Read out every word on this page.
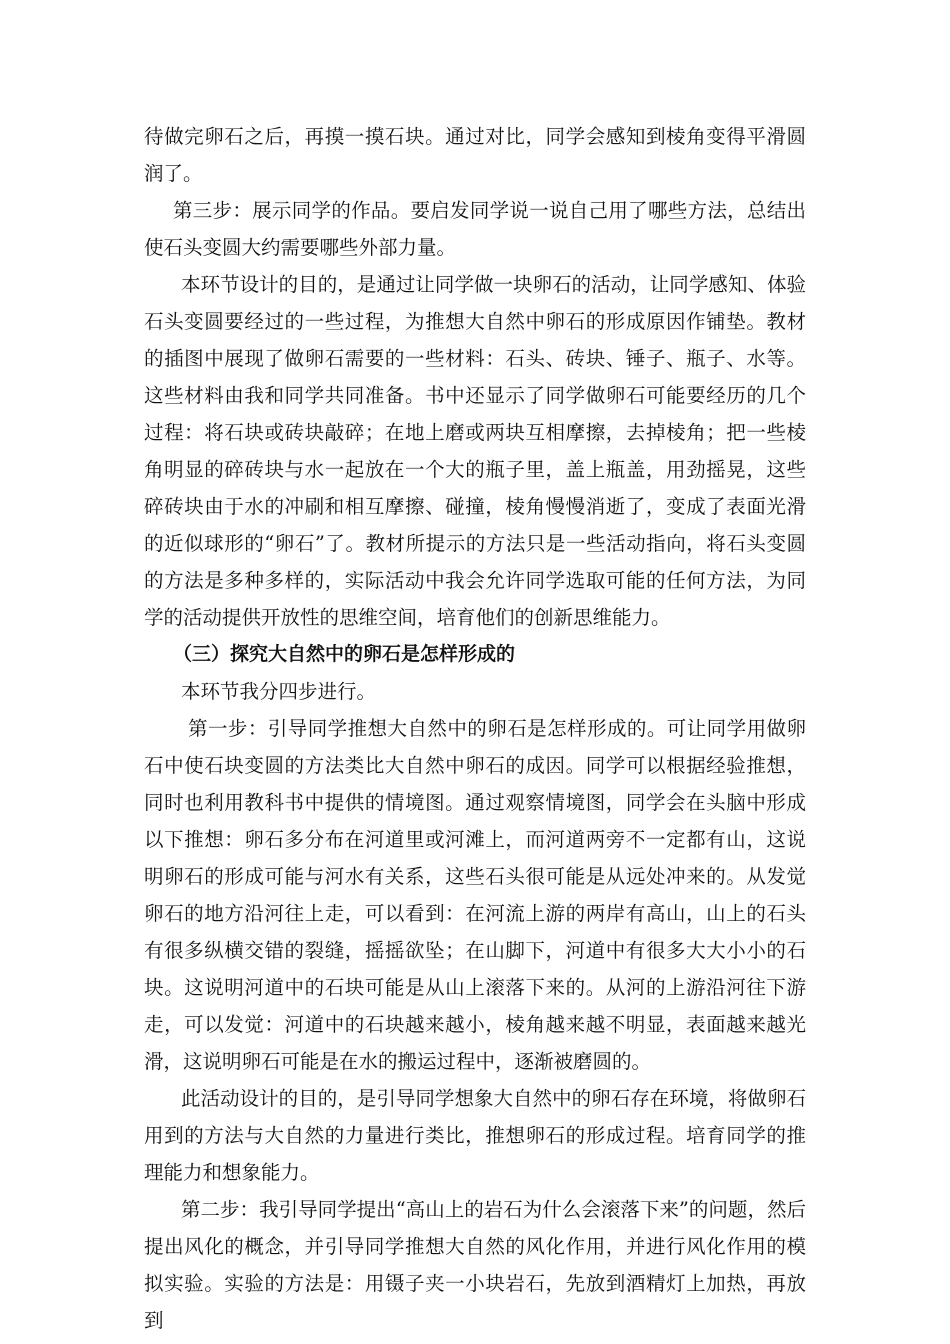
待做完卵石之后，再摸一摸石块。通过对比，同学会感知到棱角变得平滑圆润了。

第三步：展示同学的作品。要启发同学说一说自己用了哪些方法，总结出使石头变圆大约需要哪些外部力量。

本环节设计的目的，是通过让同学做一块卵石的活动，让同学感知、体验石头变圆要经过的一些过程，为推想大自然中卵石的形成原因作铺垫。教材的插图中展现了做卵石需要的一些材料：石头、砖块、锤子、瓶子、水等。这些材料由我和同学共同准备。书中还显示了同学做卵石可能要经历的几个过程：将石块或砖块敲碎；在地上磨或两块互相摩擦，去掉棱角；把一些棱角明显的碎砖块与水一起放在一个大的瓶子里，盖上瓶盖，用劲摇晃，这些碎砖块由于水的冲刷和相互摩擦、碰撞，棱角慢慢消逝了，变成了表面光滑的近似球形的“卵石”了。教材所提示的方法只是一些活动指向，将石头变圆的方法是多种多样的，实际活动中我会允许同学选取可能的任何方法，为同学的活动提供开放性的思维空间，培育他们的创新思维能力。

（三）探究大自然中的卵石是怎样形成的

本环节我分四步进行。

第一步：引导同学推想大自然中的卵石是怎样形成的。可让同学用做卵石中使石块变圆的方法类比大自然中卵石的成因。同学可以根据经验推想，同时也利用教科书中提供的情境图。通过观察情境图，同学会在头脑中形成以下推想：卵石多分布在河道里或河滩上，而河道两旁不一定都有山，这说明卵石的形成可能与河水有关系，这些石头很可能是从远处冲来的。从发觉卵石的地方沿河往上走，可以看到：在河流上游的两岸有高山，山上的石头有很多纵横交错的裂缝，摇摇欲坠；在山脚下，河道中有很多大大小小的石块。这说明河道中的石块可能是从山上滚落下来的。从河的上游沿河往下游走，可以发觉：河道中的石块越来越小，棱角越来越不明显，表面越来越光滑，这说明卵石可能是在水的搬运过程中，逐渐被磨圆的。

此活动设计的目的，是引导同学想象大自然中的卵石存在环境，将做卵石用到的方法与大自然的力量进行类比，推想卵石的形成过程。培育同学的推理能力和想象能力。

第二步：我引导同学提出“高山上的岩石为什么会滚落下来”的问题，然后提出风化的概念，并引导同学推想大自然的风化作用，并进行风化作用的模拟实验。实验的方法是：用镊子夹一小块岩石，先放到酒精灯上加热，再放到
